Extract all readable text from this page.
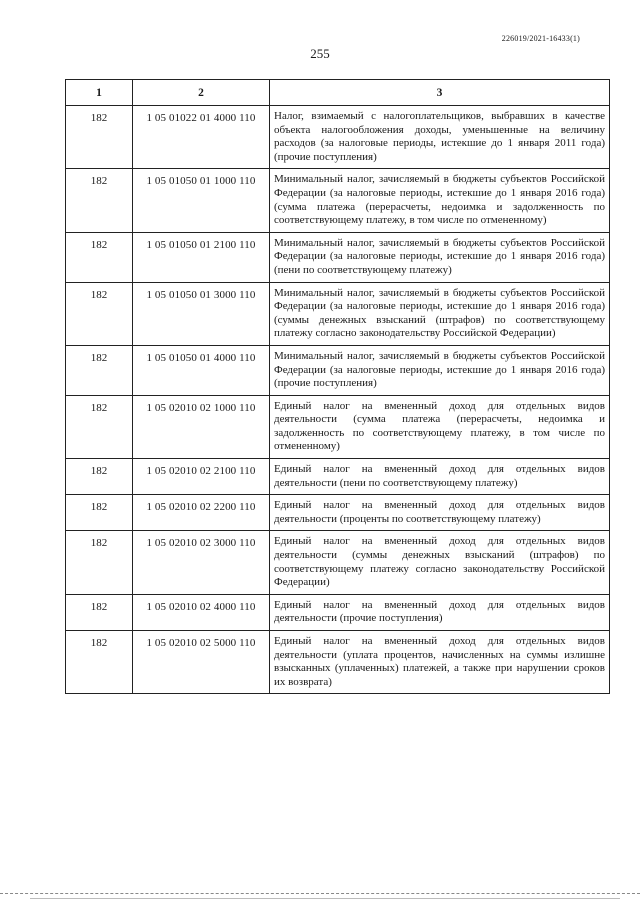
226019/2021-16433(1)
255
1	2	3
182	1 05 01022 01 4000 110	Налог, взимаемый с налогоплательщиков, выбравших в качестве объекта налогообложения доходы, уменьшенные на величину расходов (за налоговые периоды, истекшие до 1 января 2011 года) (прочие поступления)
182	1 05 01050 01 1000 110	Минимальный налог, зачисляемый в бюджеты субъектов Российской Федерации (за налоговые периоды, истекшие до 1 января 2016 года) (сумма платежа (перерасчеты, недоимка и задолженность по соответствующему платежу, в том числе по отмененному)
182	1 05 01050 01 2100 110	Минимальный налог, зачисляемый в бюджеты субъектов Российской Федерации (за налоговые периоды, истекшие до 1 января 2016 года) (пени по соответствующему платежу)
182	1 05 01050 01 3000 110	Минимальный налог, зачисляемый в бюджеты субъектов Российской Федерации (за налоговые периоды, истекшие до 1 января 2016 года) (суммы денежных взысканий (штрафов) по соответствующему платежу согласно законодательству Российской Федерации)
182	1 05 01050 01 4000 110	Минимальный налог, зачисляемый в бюджеты субъектов Российской Федерации (за налоговые периоды, истекшие до 1 января 2016 года) (прочие поступления)
182	1 05 02010 02 1000 110	Единый налог на вмененный доход для отдельных видов деятельности (сумма платежа (перерасчеты, недоимка и задолженность по соответствующему платежу, в том числе по отмененному)
182	1 05 02010 02 2100 110	Единый налог на вмененный доход для отдельных видов деятельности (пени по соответствующему платежу)
182	1 05 02010 02 2200 110	Единый налог на вмененный доход для отдельных видов деятельности (проценты по соответствующему платежу)
182	1 05 02010 02 3000 110	Единый налог на вмененный доход для отдельных видов деятельности (суммы денежных взысканий (штрафов) по соответствующему платежу согласно законодательству Российской Федерации)
182	1 05 02010 02 4000 110	Единый налог на вмененный доход для отдельных видов деятельности (прочие поступления)
182	1 05 02010 02 5000 110	Единый налог на вмененный доход для отдельных видов деятельности (уплата процентов, начисленных на суммы излишне взысканных (уплаченных) платежей, а также при нарушении сроков их возврата)
